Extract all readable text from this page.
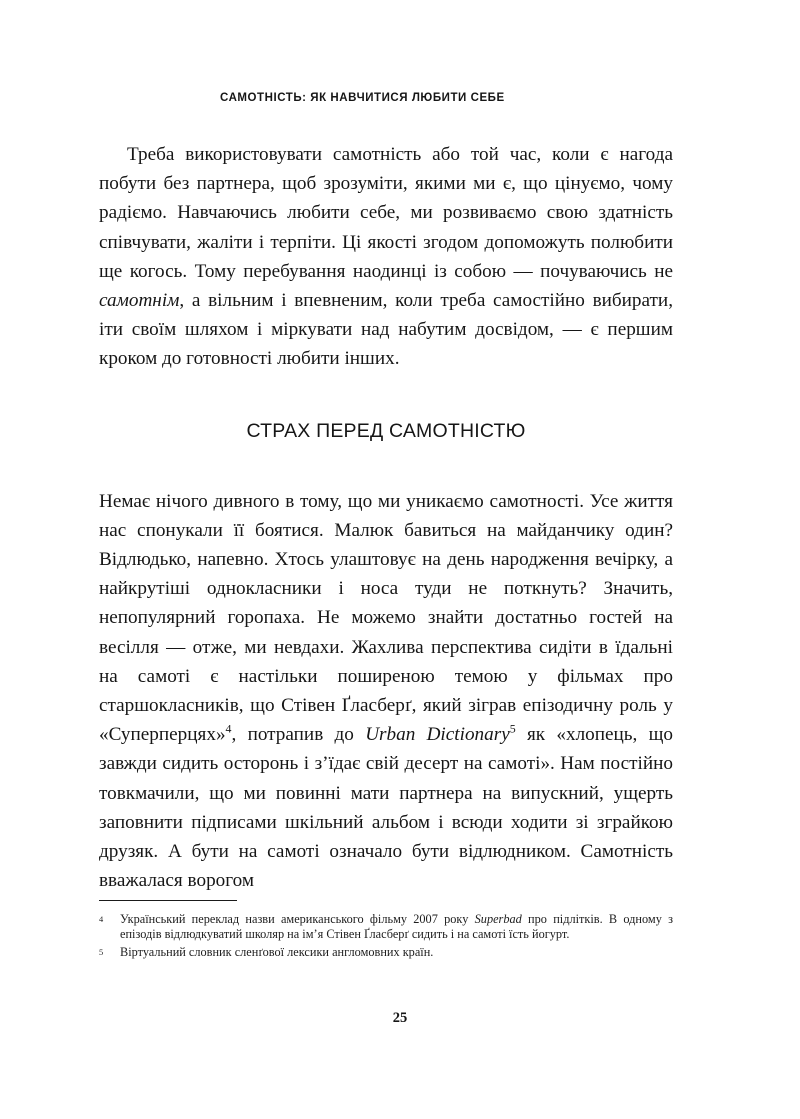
САМОТНІСТЬ: ЯК НАВЧИТИСЯ ЛЮБИТИ СЕБЕ

Треба використовувати самотність або той час, коли є нагода побути без партнера, щоб зрозуміти, якими ми є, що цінуємо, чому радіємо. Навчаючись любити себе, ми розвиваємо свою здатність співчувати, жаліти і терпіти. Ці якості згодом допоможуть полюбити ще когось. Тому перебування наодинці із собою — почуваючись не самотнім, а вільним і впевненим, коли треба самостійно вибирати, іти своїм шляхом і міркувати над набутим досвідом, — є першим кроком до готовності любити інших.

СТРАХ ПЕРЕД САМОТНІСТЮ

Немає нічого дивного в тому, що ми уникаємо самотності. Усе життя нас спонукали її боятися. Малюк бавиться на майданчику один? Відлюдько, напевно. Хтось улаштовує на день народження вечірку, а найкрутіші однокласники і носа туди не поткнуть? Значить, непопулярний горопаха. Не можемо знайти достатньо гостей на весілля — отже, ми невдахи. Жахлива перспектива сидіти в їдальні на самоті є настільки поширеною темою у фільмах про старшокласників, що Стівен Ґласберґ, який зіграв епізодичну роль у «Суперперцях»$^4$, потрапив до Urban Dictionary$^5$ як «хлопець, що завжди сидить осторонь і з’їдає свій десерт на самоті». Нам постійно товкмачили, що ми повинні мати партнера на випускний, ущерть заповнити підписами шкільний альбом і всюди ходити зі зграйкою друзяк. А бути на самоті означало бути відлюдником. Самотність вважалася ворогом

4	Український переклад назви американського фільму 2007 року Superbad про підлітків. В одному з епізодів відлюдкуватий школяр на ім’я Стівен Ґласберґ сидить і на самоті їсть йогурт.
5	Віртуальний словник сленґової лексики англомовних країн.
25
